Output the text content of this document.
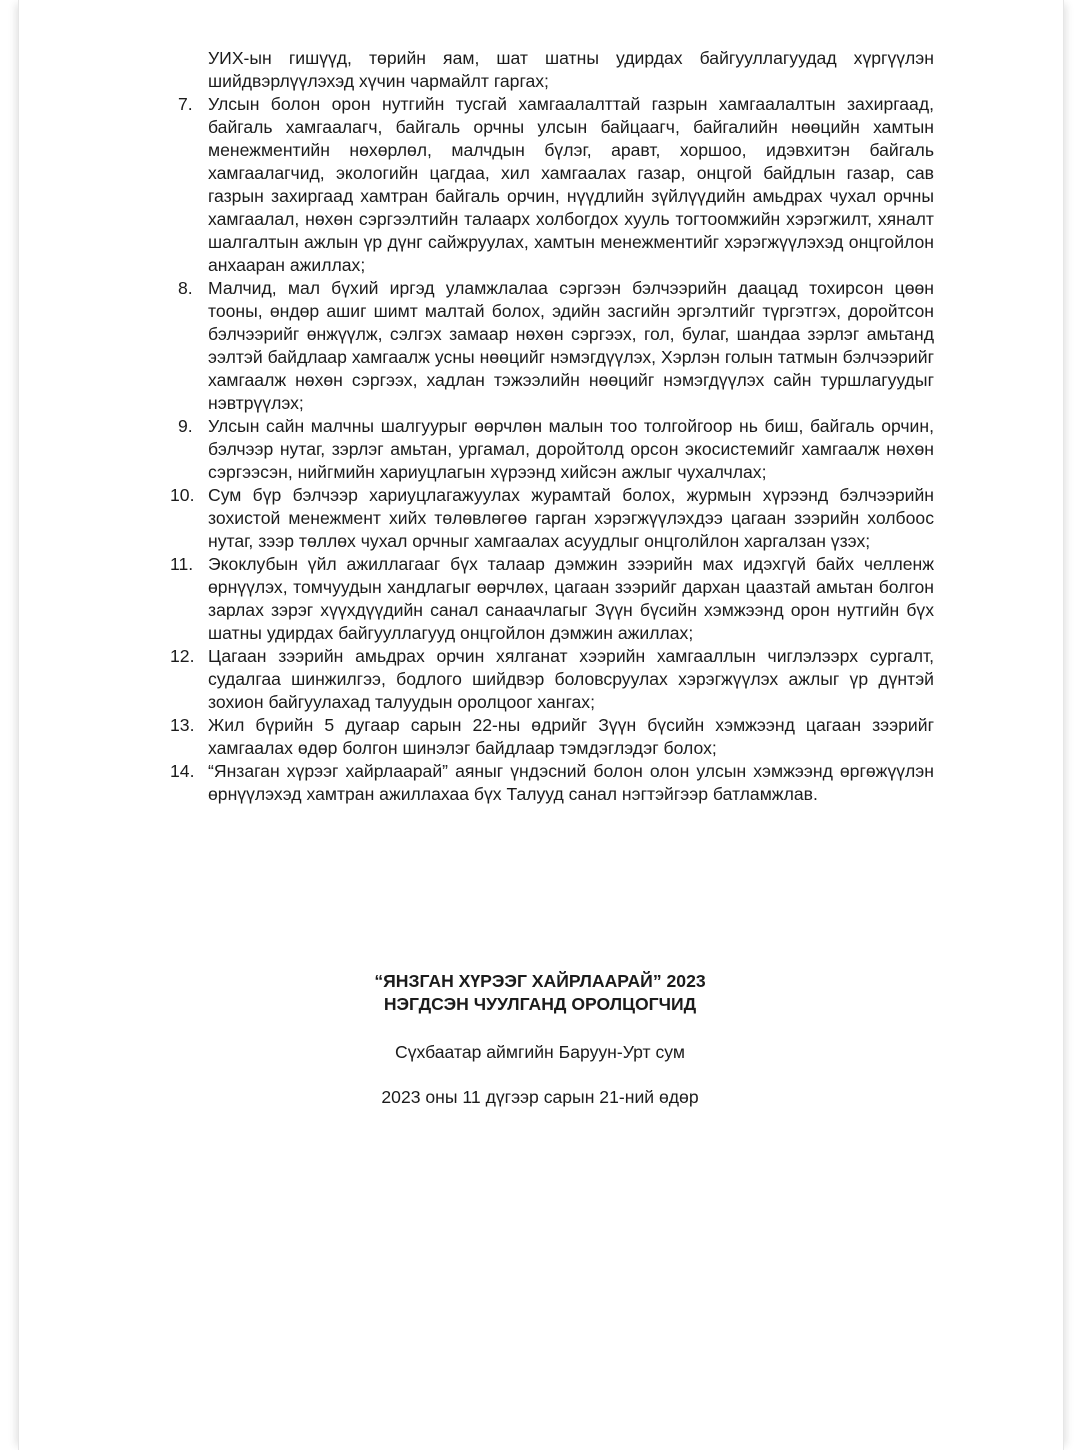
УИХ-ын гишүүд, төрийн яам, шат шатны удирдах байгууллагуудад хүргүүлэн шийдвэрлүүлэхэд хүчин чармайлт гаргах;

7. Улсын болон орон нутгийн тусгай хамгаалалттай газрын хамгаалалтын захиргаад, байгаль хамгаалагч, байгаль орчны улсын байцаагч, байгалийн нөөцийн хамтын менежментийн нөхөрлөл, малчдын бүлэг, аравт, хоршоо, идэвхитэн байгаль хамгаалагчид, экологийн цагдаа, хил хамгаалах газар, онцгой байдлын газар, сав газрын захиргаад хамтран байгаль орчин, нүүдлийн зүйлүүдийн амьдрах чухал орчны хамгаалал, нөхөн сэргээлтийн талаарх холбогдох хууль тогтоомжийн хэрэгжилт, хяналт шалгалтын ажлын үр дүнг сайжруулах, хамтын менежментийг хэрэгжүүлэхэд онцгойлон анхааран ажиллах;
8. Малчид, мал бүхий иргэд уламжлалаа сэргээн бэлчээрийн даацад тохирсон цөөн тооны, өндөр ашиг шимт малтай болох, эдийн засгийн эргэлтийг түргэтгэх, доройтсон бэлчээрийг өнжүүлж, сэлгэх замаар нөхөн сэргээх, гол, булаг, шандаа зэрлэг амьтанд ээлтэй байдлаар хамгаалж усны нөөцийг нэмэгдүүлэх, Хэрлэн голын татмын бэлчээрийг хамгаалж нөхөн сэргээх, хадлан тэжээлийн нөөцийг нэмэгдүүлэх сайн туршлагуудыг нэвтрүүлэх;
9. Улсын сайн малчны шалгуурыг өөрчлөн малын тоо толгойгоор нь биш, байгаль орчин, бэлчээр нутаг, зэрлэг амьтан, ургамал, доройтолд орсон экосистемийг хамгаалж нөхөн сэргээсэн, нийгмийн хариуцлагын хүрээнд хийсэн ажлыг чухалчлах;
10. Сум бүр бэлчээр хариуцлагажуулах журамтай болох, журмын хүрээнд бэлчээрийн зохистой менежмент хийх төлөвлөгөө гарган хэрэгжүүлэхдээ цагаан зээрийн холбоос нутаг, зээр төллөх чухал орчныг хамгаалах асуудлыг онцголйлон харгалзан үзэх;
11. Экоклубын үйл ажиллагааг бүх талаар дэмжин зээрийн мах идэхгүй байх челленж өрнүүлэх, томчуудын хандлагыг өөрчлөх, цагаан зээрийг дархан цаазтай амьтан болгон зарлах зэрэг хүүхдүүдийн санал санаачлагыг Зүүн бүсийн хэмжээнд орон нутгийн бүх шатны удирдах байгууллагууд онцгойлон дэмжин ажиллах;
12. Цагаан зээрийн амьдрах орчин хялганат хээрийн хамгааллын чиглэлээрх сургалт, судалгаа шинжилгээ, бодлого шийдвэр боловсруулах хэрэгжүүлэх ажлыг үр дүнтэй зохион байгуулахад талуудын оролцоог хангах;
13. Жил бүрийн 5 дугаар сарын 22-ны өдрийг Зүүн бүсийн хэмжээнд цагаан зээрийг хамгаалах өдөр болгон шинэлэг байдлаар тэмдэглэдэг болох;
14. “Янзаган хүрээг хайрлаарай” аяныг үндэсний болон олон улсын хэмжээнд өргөжүүлэн өрнүүлэхэд хамтран ажиллахаа бүх Талууд санал нэгтэйгээр батламжлав.
“ЯНЗГАН ХҮРЭЭГ ХАЙРЛААРАЙ” 2023
НЭГДСЭН ЧУУЛГАНД ОРОЛЦОГЧИД
Сүхбаатар аймгийн Баруун-Урт сум
2023 оны 11 дүгээр сарын 21-ний өдөр
